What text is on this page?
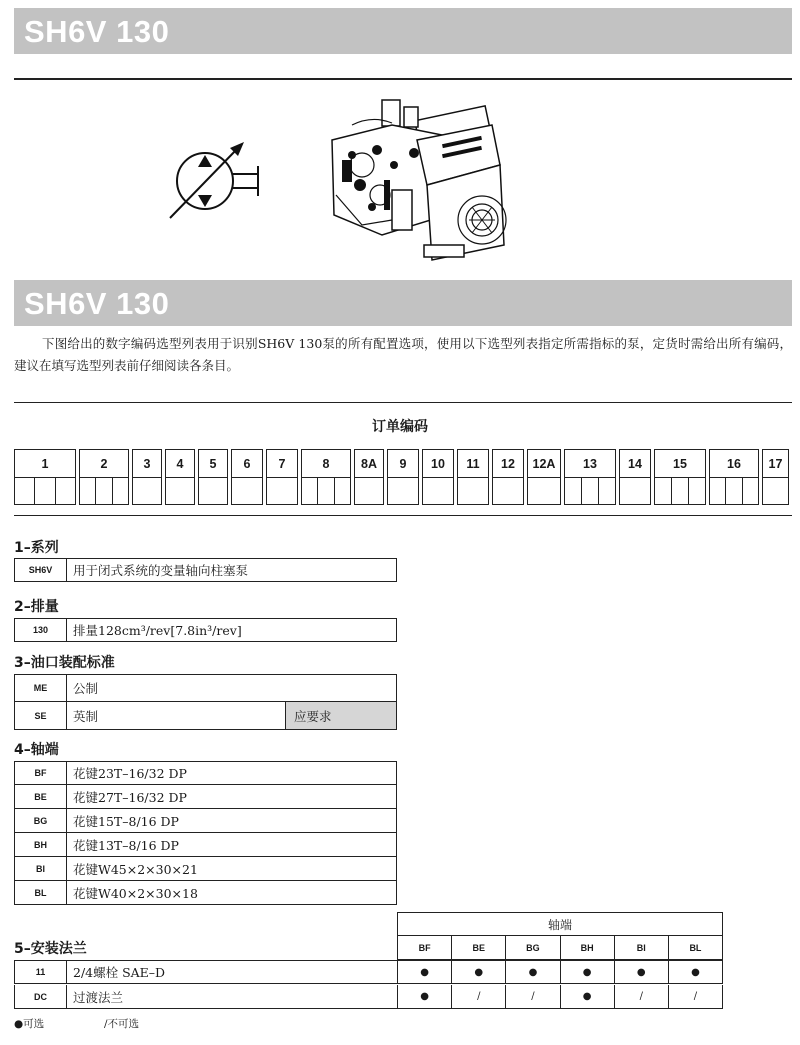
SH6V 130
SH6V 130

下图给出的数字编码选型列表用于识别SH6V 130泵的所有配置选项，使用以下选型列表指定所需指标的泵，定货时需给出所有编码，建议在填写选型列表前仔细阅读各条目。

订单编码
1	2	3	4	5	6	7	8	8A	9	10	11	12	12A	13	14	15	16	17
1–系列
SH6V	用于闭式系统的变量轴向柱塞泵
2–排量
130	排量128cm³/rev[7.8in³/rev]
3–油口装配标准
ME	公制
SE	英制	应要求
4–轴端
BF	花键23T–16/32 DP
BE	花键27T–16/32 DP
BG	花键15T–8/16 DP
BH	花键13T–8/16 DP
BI	花键W45×2×30×21
BL	花键W40×2×30×18
轴端
BF	BE	BG	BH	BI	BL
5–安装法兰
11	2/4螺栓 SAE–D	●	●	●	●	●	●
DC	过渡法兰	●	/	/	●	/	/
●可选	/不可选
